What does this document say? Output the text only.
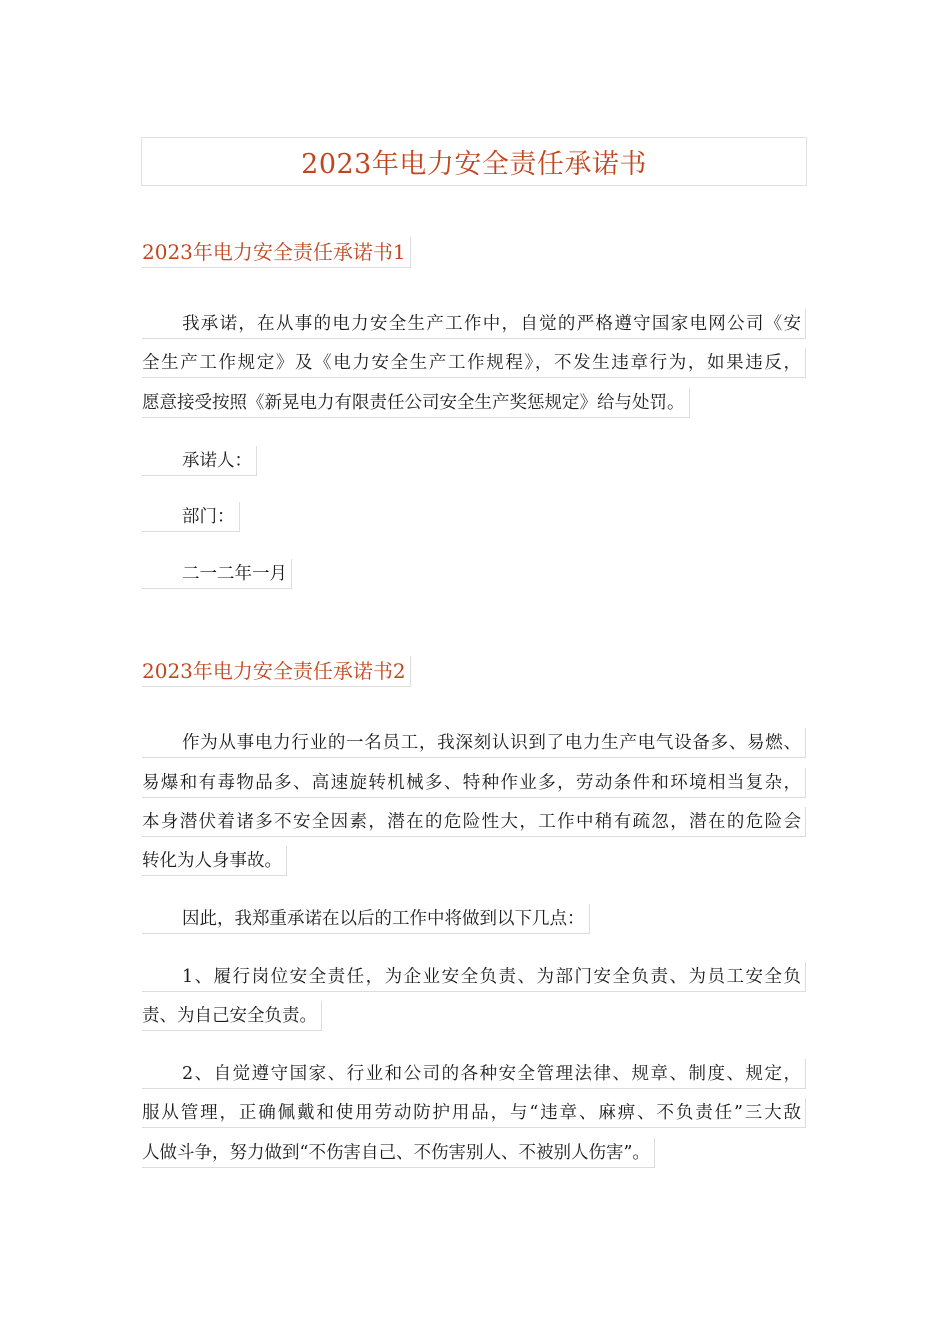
2023年电力安全责任承诺书
2023年电力安全责任承诺书1
我承诺，在从事的电力安全生产工作中，自觉的严格遵守国家电网公司《安
全生产工作规定》及《电力安全生产工作规程》，不发生违章行为，如果违反，
愿意接受按照《新晃电力有限责任公司安全生产奖惩规定》给与处罚。
承诺人：
部门：
二一二年一月
2023年电力安全责任承诺书2
作为从事电力行业的一名员工，我深刻认识到了电力生产电气设备多、易燃、
易爆和有毒物品多、高速旋转机械多、特种作业多，劳动条件和环境相当复杂，
本身潜伏着诸多不安全因素，潜在的危险性大，工作中稍有疏忽，潜在的危险会
转化为人身事故。
因此，我郑重承诺在以后的工作中将做到以下几点：
1、履行岗位安全责任，为企业安全负责、为部门安全负责、为员工安全负
责、为自己安全负责。
2、自觉遵守国家、行业和公司的各种安全管理法律、规章、制度、规定，
服从管理，正确佩戴和使用劳动防护用品，与“违章、麻痹、不负责任”三大敌
人做斗争，努力做到“不伤害自己、不伤害别人、不被别人伤害”。
